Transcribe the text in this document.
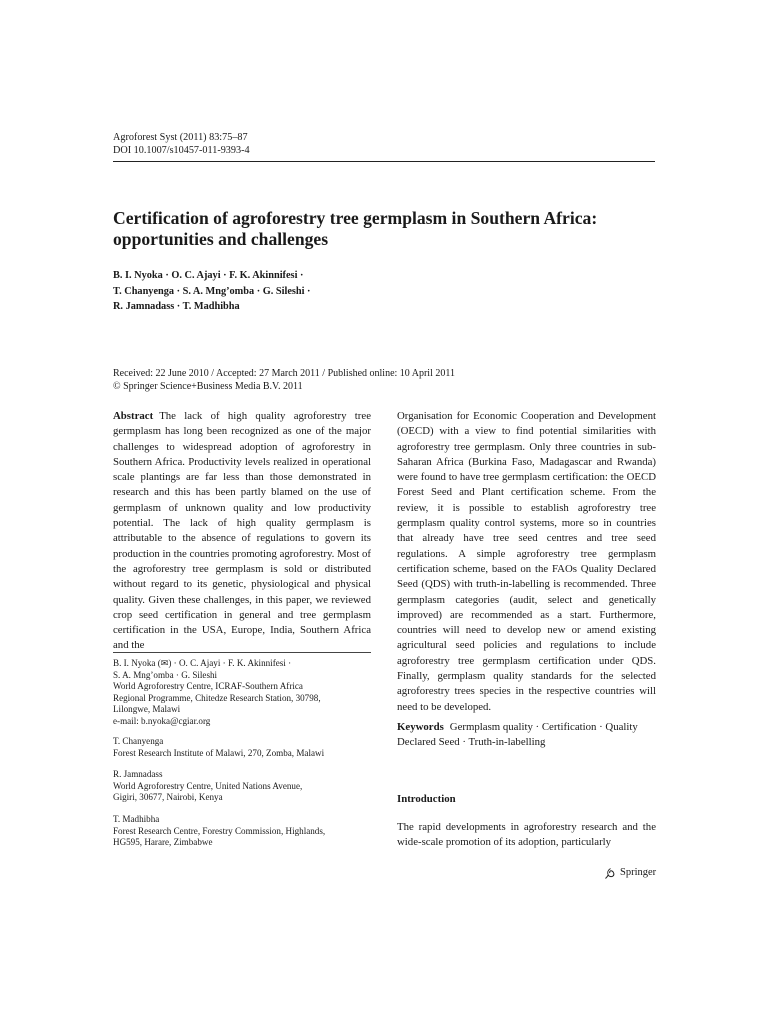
Agroforest Syst (2011) 83:75–87
DOI 10.1007/s10457-011-9393-4
Certification of agroforestry tree germplasm in Southern Africa: opportunities and challenges
B. I. Nyoka · O. C. Ajayi · F. K. Akinnifesi ·
T. Chanyenga · S. A. Mng’omba · G. Sileshi ·
R. Jamnadass · T. Madhibha
Received: 22 June 2010 / Accepted: 27 March 2011 / Published online: 10 April 2011
© Springer Science+Business Media B.V. 2011
Abstract The lack of high quality agroforestry tree germplasm has long been recognized as one of the major challenges to widespread adoption of agroforestry in Southern Africa. Productivity levels realized in operational scale plantings are far less than those demonstrated in research and this has been partly blamed on the use of germplasm of unknown quality and low productivity potential. The lack of high quality germplasm is attributable to the absence of regulations to govern its production in the countries promoting agroforestry. Most of the agroforestry tree germplasm is sold or distributed without regard to its genetic, physiological and physical quality. Given these challenges, in this paper, we reviewed crop seed certification in general and tree germplasm certification in the USA, Europe, India, Southern Africa and the
Organisation for Economic Cooperation and Development (OECD) with a view to find potential similarities with agroforestry tree germplasm. Only three countries in sub-Saharan Africa (Burkina Faso, Madagascar and Rwanda) were found to have tree germplasm certification: the OECD Forest Seed and Plant certification scheme. From the review, it is possible to establish agroforestry tree germplasm quality control systems, more so in countries that already have tree seed centres and tree seed regulations. A simple agroforestry tree germplasm certification scheme, based on the FAOs Quality Declared Seed (QDS) with truth-in-labelling is recommended. Three germplasm categories (audit, select and genetically improved) are recommended as a start. Furthermore, countries will need to develop new or amend existing agricultural seed policies and regulations to include agroforestry tree germplasm certification under QDS. Finally, germplasm quality standards for the selected agroforestry trees species in the respective countries will need to be developed.
B. I. Nyoka (✉) · O. C. Ajayi · F. K. Akinnifesi ·
S. A. Mng’omba · G. Sileshi
World Agroforestry Centre, ICRAF-Southern Africa
Regional Programme, Chitedze Research Station, 30798,
Lilongwe, Malawi
e-mail: b.nyoka@cgiar.org
T. Chanyenga
Forest Research Institute of Malawi, 270, Zomba, Malawi
R. Jamnadass
World Agroforestry Centre, United Nations Avenue,
Gigiri, 30677, Nairobi, Kenya
T. Madhibha
Forest Research Centre, Forestry Commission, Highlands,
HG595, Harare, Zimbabwe
Keywords Germplasm quality · Certification · Quality Declared Seed · Truth-in-labelling
Introduction
The rapid developments in agroforestry research and the wide-scale promotion of its adoption, particularly
Springer
